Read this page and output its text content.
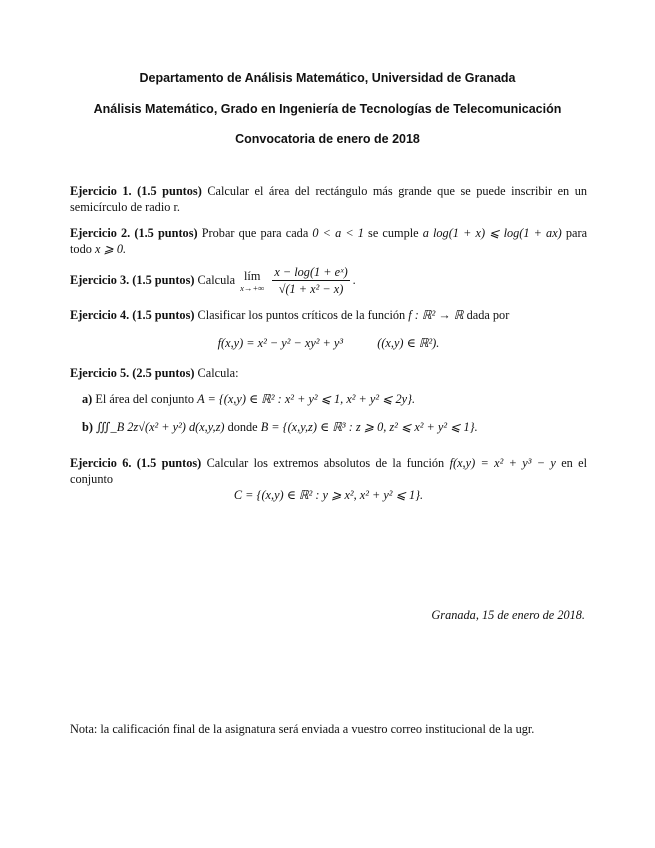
Departamento de Análisis Matemático, Universidad de Granada
Análisis Matemático, Grado en Ingeniería de Tecnologías de Telecomunicación
Convocatoria de enero de 2018
Ejercicio 1. (1.5 puntos) Calcular el área del rectángulo más grande que se puede inscribir en un
semicírculo de radio r.
Ejercicio 2. (1.5 puntos) Probar que para cada 0 < a < 1 se cumple a log(1 + x) ⩽ log(1 + ax) para
todo x ⩾ 0.
Ejercicio 3. (1.5 puntos) Calcula lím
x→+∞
$\frac{\text{x − log(1 + eˣ)}}{\text{√(1 + x² − x)}}$ .
Ejercicio 4. (1.5 puntos) Clasificar los puntos críticos de la función f : ℝ² → ℝ dada por
f(x,y) = x² − y² − xy² + y³	((x,y) ∈ ℝ²).
Ejercicio 5. (2.5 puntos) Calcula:
a) El área del conjunto A = {(x,y) ∈ ℝ² : x² + y² ⩽ 1, x² + y² ⩽ 2y}.
b) ∭_B 2z√(x² + y²) d(x,y,z) donde B = {(x,y,z) ∈ ℝ³ : z ⩾ 0, z² ⩽ x² + y² ⩽ 1}.
Ejercicio 6. (1.5 puntos) Calcular los extremos absolutos de la función f(x,y) = x² + y³ − y en el
conjunto
C = {(x,y) ∈ ℝ² : y ⩾ x², x² + y² ⩽ 1}.
Granada, 15 de enero de 2018.
Nota: la calificación final de la asignatura será enviada a vuestro correo institucional de la ugr.
